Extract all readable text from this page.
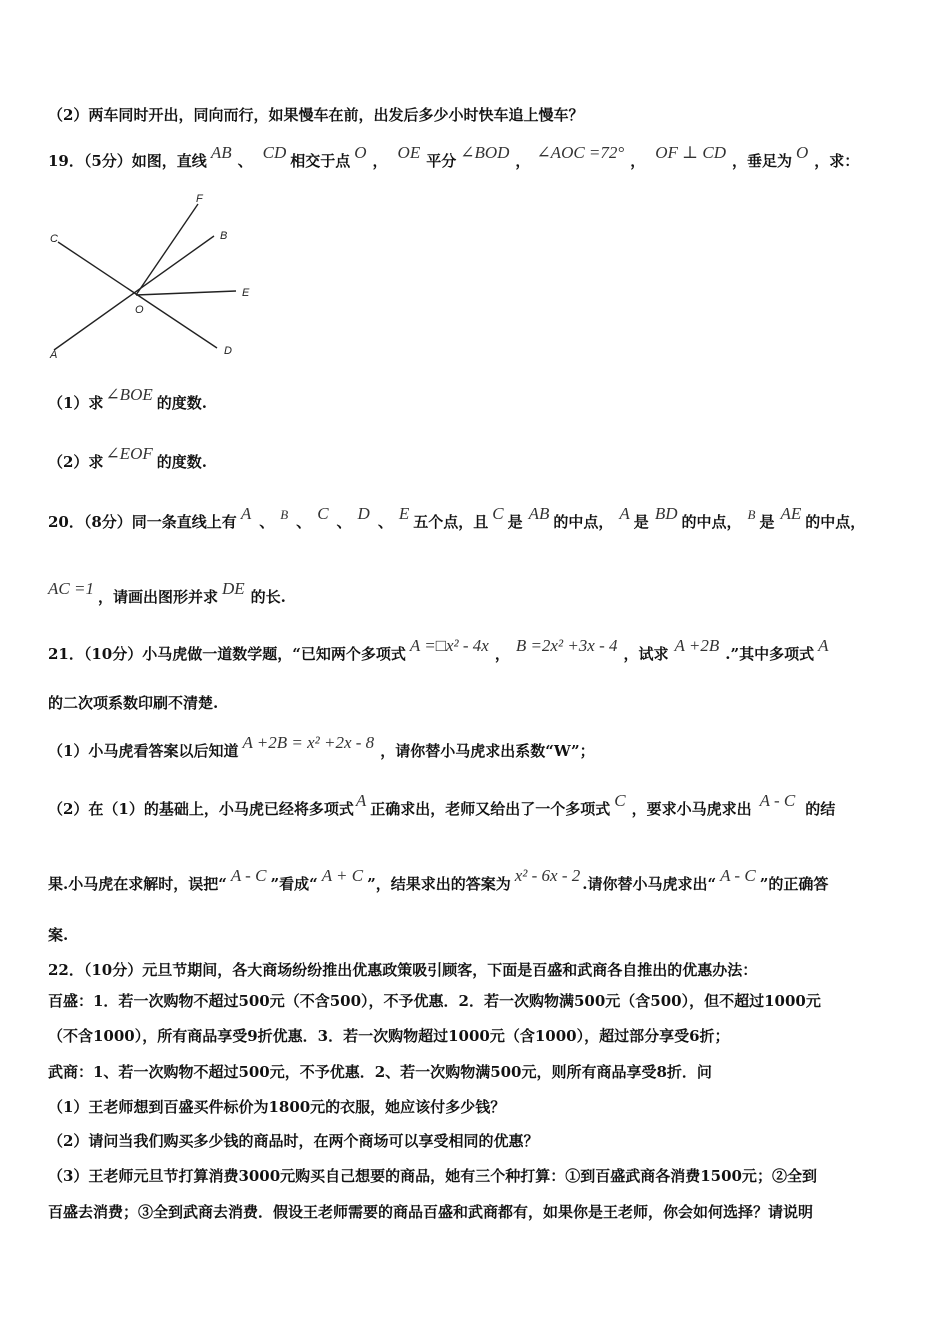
（2）两车同时开出，同向而行，如果慢车在前，出发后多少小时快车追上慢车？
19．（5分）如图，直线 AB 、 CD 相交于点 O ， OE 平分 ∠BOD ， ∠AOC =72° ， OF ⊥ CD ，垂足为 O ，求：
F
B
C
E
O
A	D
（1）求 ∠BOE 的度数.
（2）求 ∠EOF 的度数.
20．（8分）同一条直线上有 A 、 B 、 C 、 D 、 E 五个点，且 C 是 AB 的中点， A 是 BD 的中点， B 是 AE 的中点，
AC =1 ，请画出图形并求 DE 的长.
21．（10分）小马虎做一道数学题，“已知两个多项式 A =□x² - 4x ， B =2x² +3x - 4 ，试求 A +2B .”其中多项式 A
的二次项系数印刷不清楚.
（1）小马虎看答案以后知道 A +2B = x² +2x - 8 ，请你替小马虎求出系数“W”；
（2）在（1）的基础上，小马虎已经将多项式 A 正确求出，老师又给出了一个多项式 C ，要求小马虎求出 A - C 的结
果.小马虎在求解时，误把“ A - C ”看成“ A + C ”，结果求出的答案为 x² - 6x - 2 .请你替小马虎求出“ A - C ”的正确答
案.
22．（10分）元旦节期间，各大商场纷纷推出优惠政策吸引顾客，下面是百盛和武商各自推出的优惠办法：
百盛：1．若一次购物不超过500元（不含500），不予优惠．2．若一次购物满500元（含500），但不超过1000元
（不含1000），所有商品享受9折优惠．3．若一次购物超过1000元（含1000），超过部分享受6折；
武商：1、若一次购物不超过500元，不予优惠．2、若一次购物满500元，则所有商品享受8折．问
（1）王老师想到百盛买件标价为1800元的衣服，她应该付多少钱？
（2）请问当我们购买多少钱的商品时，在两个商场可以享受相同的优惠？
（3）王老师元旦节打算消费3000元购买自己想要的商品，她有三个种打算：①到百盛武商各消费1500元；②全到
百盛去消费；③全到武商去消费．假设王老师需要的商品百盛和武商都有，如果你是王老师，你会如何选择？请说明
